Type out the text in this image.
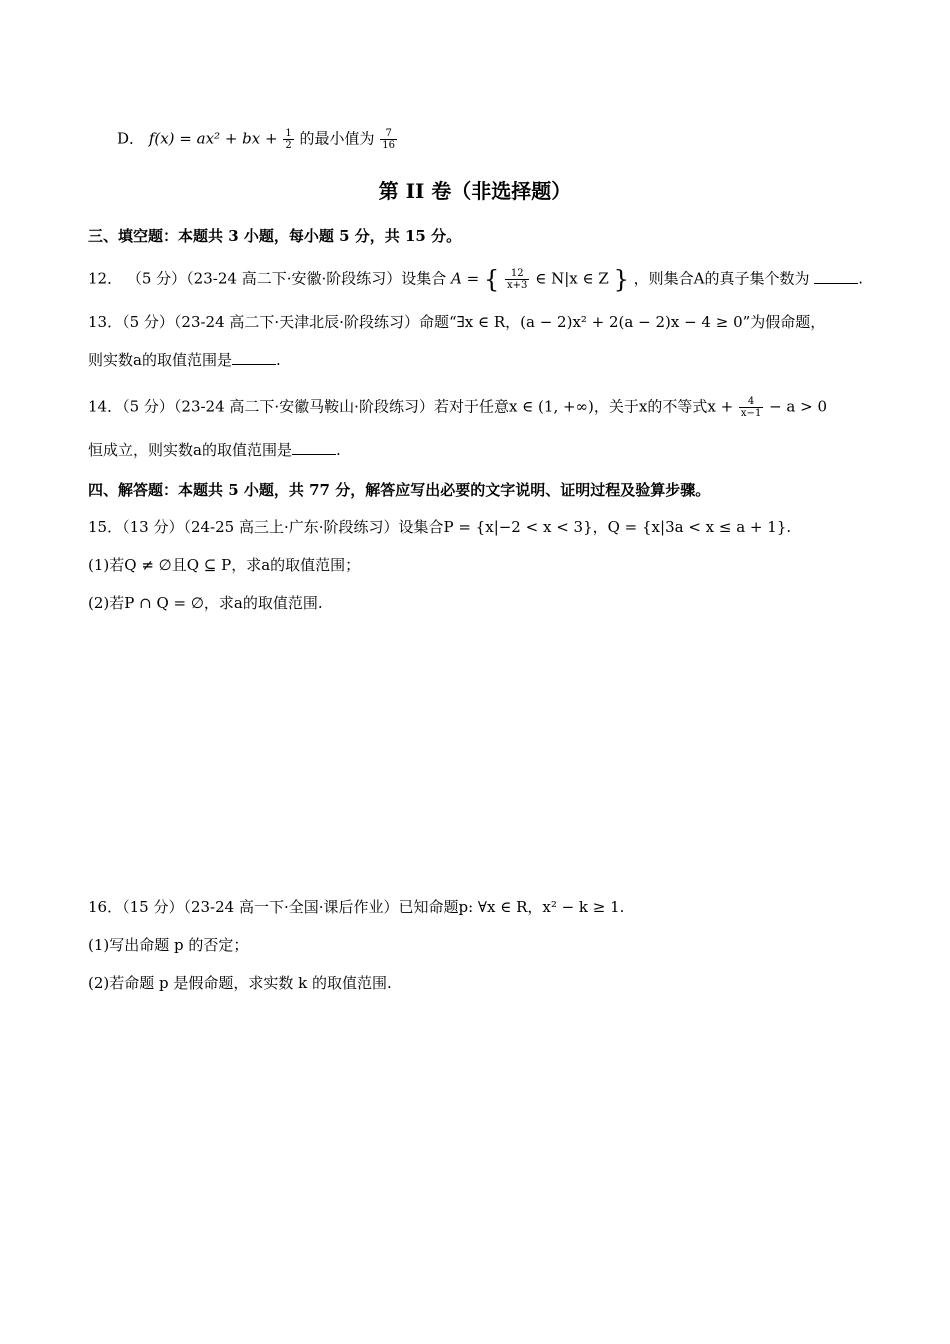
D． f(x) = ax² + bx + $\frac{1}{2}$ 的最小值为 $\frac{7}{16}$
第 II 卷（非选择题）
三、填空题：本题共 3 小题，每小题 5 分，共 15 分。
12． （5 分）（23-24 高二下·安徽·阶段练习）设集合 A = { $\frac{12}{x+3}$ ∈ N|x ∈ Z } ，则集合A的真子集个数为	.
13．（5 分）（23-24 高二下·天津北辰·阶段练习）命题“∃x ∈ R，(a − 2)x² + 2(a − 2)x − 4 ≥ 0”为假命题，
则实数a的取值范围是	.
14．（5 分）（23-24 高二下·安徽马鞍山·阶段练习）若对于任意x ∈ (1, +∞)，关于x的不等式$x + \frac{4}{x-1} - a > 0$
恒成立，则实数a的取值范围是	.
四、解答题：本题共 5 小题，共 77 分，解答应写出必要的文字说明、证明过程及验算步骤。
15．（13 分）（24-25 高三上·广东·阶段练习）设集合P = {x|−2 < x < 3}，Q = {x|3a < x ≤ a + 1}.
(1)若Q ≠ ∅且Q ⊆ P，求a的取值范围；
(2)若P ∩ Q = ∅，求a的取值范围.
16．（15 分）（23-24 高一下·全国·课后作业）已知命题p: ∀x ∈ R，x² − k ≥ 1.
(1)写出命题 p 的否定；
(2)若命题 p 是假命题，求实数 k 的取值范围.
